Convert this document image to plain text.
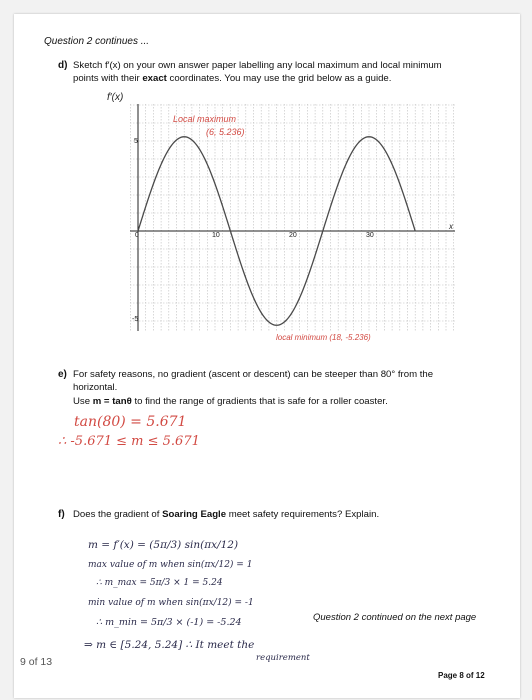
Question 2 continues ...
d) Sketch f′(x) on your own answer paper labelling any local maximum and local minimum
points with their exact coordinates. You may use the grid below as a guide.
f′(x)
x
0	10	20	30
5
-5
Local maximum
(6, 5.236)
local minimum (18, -5.236)
e) For safety reasons, no gradient (ascent or descent) can be steeper than 80° from the
horizontal.
Use m = tanθ to find the range of gradients that is safe for a roller coaster.
tan(80) = 5.671
∴ -5.671 ≤ m ≤ 5.671
f) Does the gradient of Soaring Eagle meet safety requirements? Explain.
m = f′(x) = (5π/3) sin(πx/12)
max value of m when sin(πx/12) = 1
∴ m_max = 5π/3 × 1 = 5.24
min value of m when sin(πx/12) = -1
∴ m_min = 5π/3 × (-1) = -5.24
⇒ m ∈ [5.24, 5.24] ∴ It meet the
requirement
Question 2 continued on the next page
9 of 13
Page 8 of 12
